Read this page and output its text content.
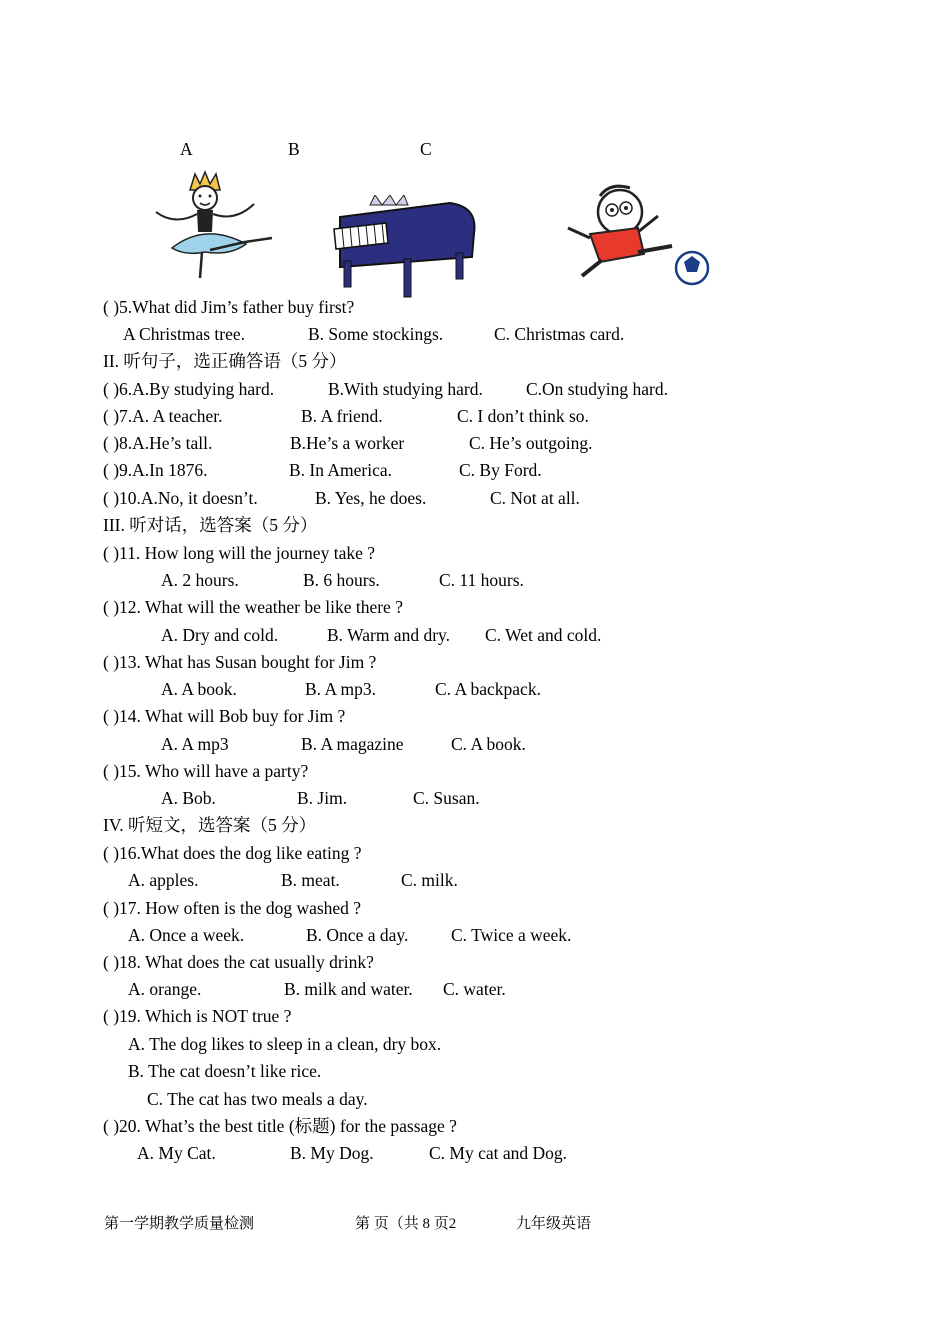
A	B	C
( )5.What did Jim’s father buy first?
A Christmas tree.	B. Some stockings.	C. Christmas card.
II. 听句子，选正确答语（5 分）
( )6.A.By studying hard.	B.With studying hard. C.On studying hard.
( )7.A. A teacher.	B. A friend.	C. I don’t think so.
( )8.A.He’s tall.	B.He’s a worker	C. He’s outgoing.
( )9.A.In 1876.	B. In America.	C. By Ford.
( )10.A.No, it doesn’t.	B. Yes, he does.	C. Not at all.
III. 听对话，选答案（5 分）
( )11. How long will the journey take ?
A. 2 hours.	B. 6 hours.	C. 11 hours.
( )12. What will the weather be like there ?
A. Dry and cold.	B. Warm and dry. C. Wet and cold.
( )13. What has Susan bought for Jim ?
A. A book.	B. A mp3.	C. A backpack.
( )14. What will Bob buy for Jim ?
A. A mp3	B. A magazine	C. A book.
( )15. Who will have a party?
A. Bob.	B. Jim.	C. Susan.
IV. 听短文，选答案（5 分）
( )16.What does the dog like eating ?
A. apples.	B. meat.	C. milk.
( )17. How often is the dog washed ?
A. Once a week.	B. Once a day. C. Twice a week.
( )18. What does the cat usually drink?
A. orange.	B. milk and water. C. water.
( )19. Which is NOT true ?
A. The dog likes to sleep in a clean, dry box.
B. The cat doesn’t like rice.
C. The cat has two meals a day.
( )20. What’s the best title (标题) for the passage ?
A. My Cat.	B. My Dog.	C. My cat and Dog.
第一学期教学质量检测	第 页（共 8 页2	九年级英语
